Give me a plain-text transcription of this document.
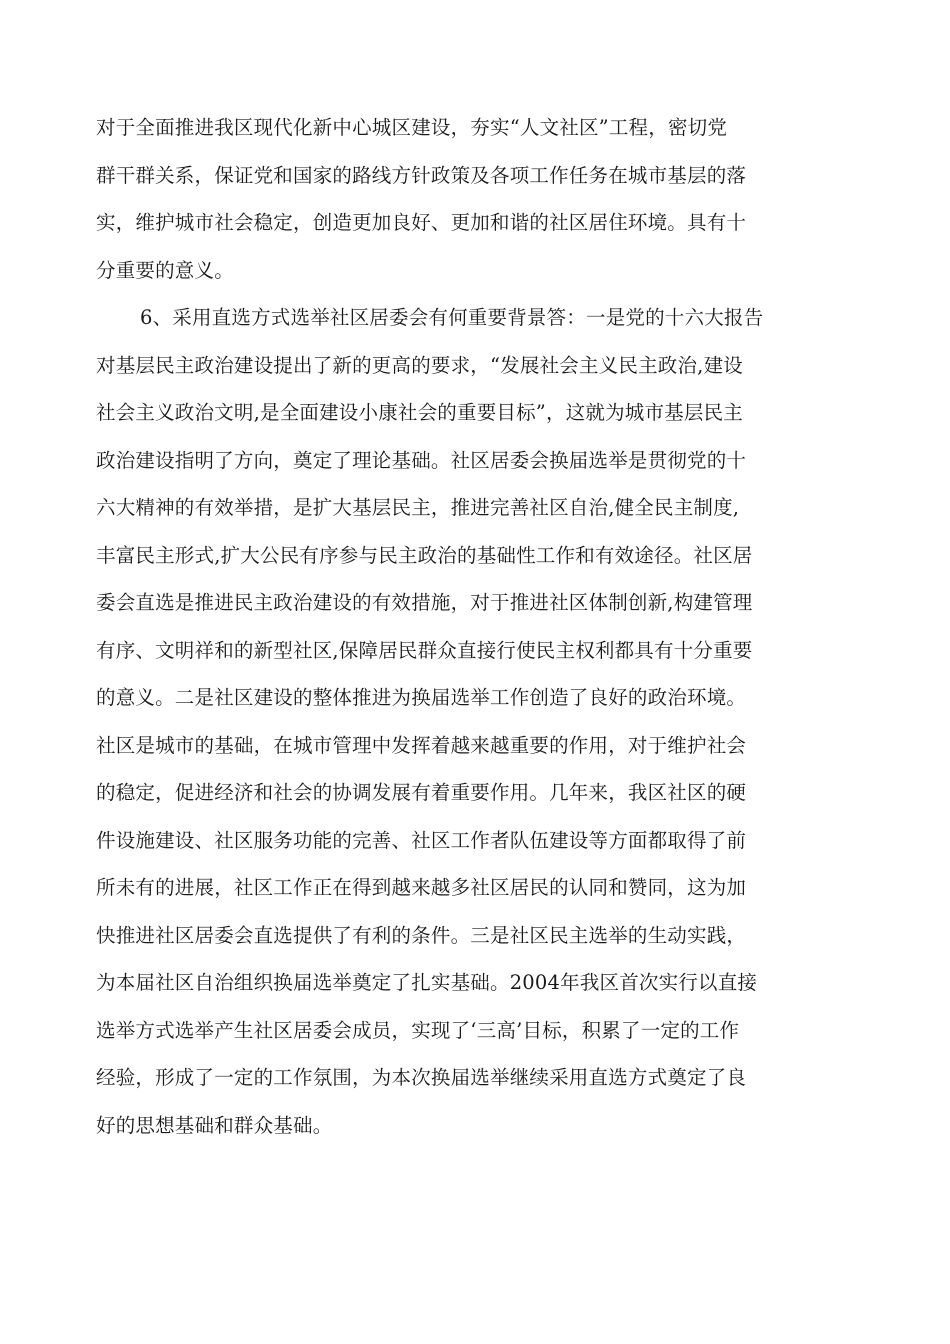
对于全面推进我区现代化新中心城区建设，夯实“人文社区”工程，密切党
群干群关系，保证党和国家的路线方针政策及各项工作任务在城市基层的落
实，维护城市社会稳定，创造更加良好、更加和谐的社区居住环境。具有十
分重要的意义。
6、采用直选方式选举社区居委会有何重要背景答：一是党的十六大报告
对基层民主政治建设提出了新的更高的要求，“发展社会主义民主政治,建设
社会主义政治文明,是全面建设小康社会的重要目标”，这就为城市基层民主
政治建设指明了方向，奠定了理论基础。社区居委会换届选举是贯彻党的十
六大精神的有效举措，是扩大基层民主，推进完善社区自治,健全民主制度,
丰富民主形式,扩大公民有序参与民主政治的基础性工作和有效途径。社区居
委会直选是推进民主政治建设的有效措施，对于推进社区体制创新,构建管理
有序、文明祥和的新型社区,保障居民群众直接行使民主权利都具有十分重要
的意义。二是社区建设的整体推进为换届选举工作创造了良好的政治环境。
社区是城市的基础，在城市管理中发挥着越来越重要的作用，对于维护社会
的稳定，促进经济和社会的协调发展有着重要作用。几年来，我区社区的硬
件设施建设、社区服务功能的完善、社区工作者队伍建设等方面都取得了前
所未有的进展，社区工作正在得到越来越多社区居民的认同和赞同，这为加
快推进社区居委会直选提供了有利的条件。三是社区民主选举的生动实践，
为本届社区自治组织换届选举奠定了扎实基础。2004年我区首次实行以直接
选举方式选举产生社区居委会成员，实现了‘三高’目标，积累了一定的工作
经验，形成了一定的工作氛围，为本次换届选举继续采用直选方式奠定了良
好的思想基础和群众基础。
